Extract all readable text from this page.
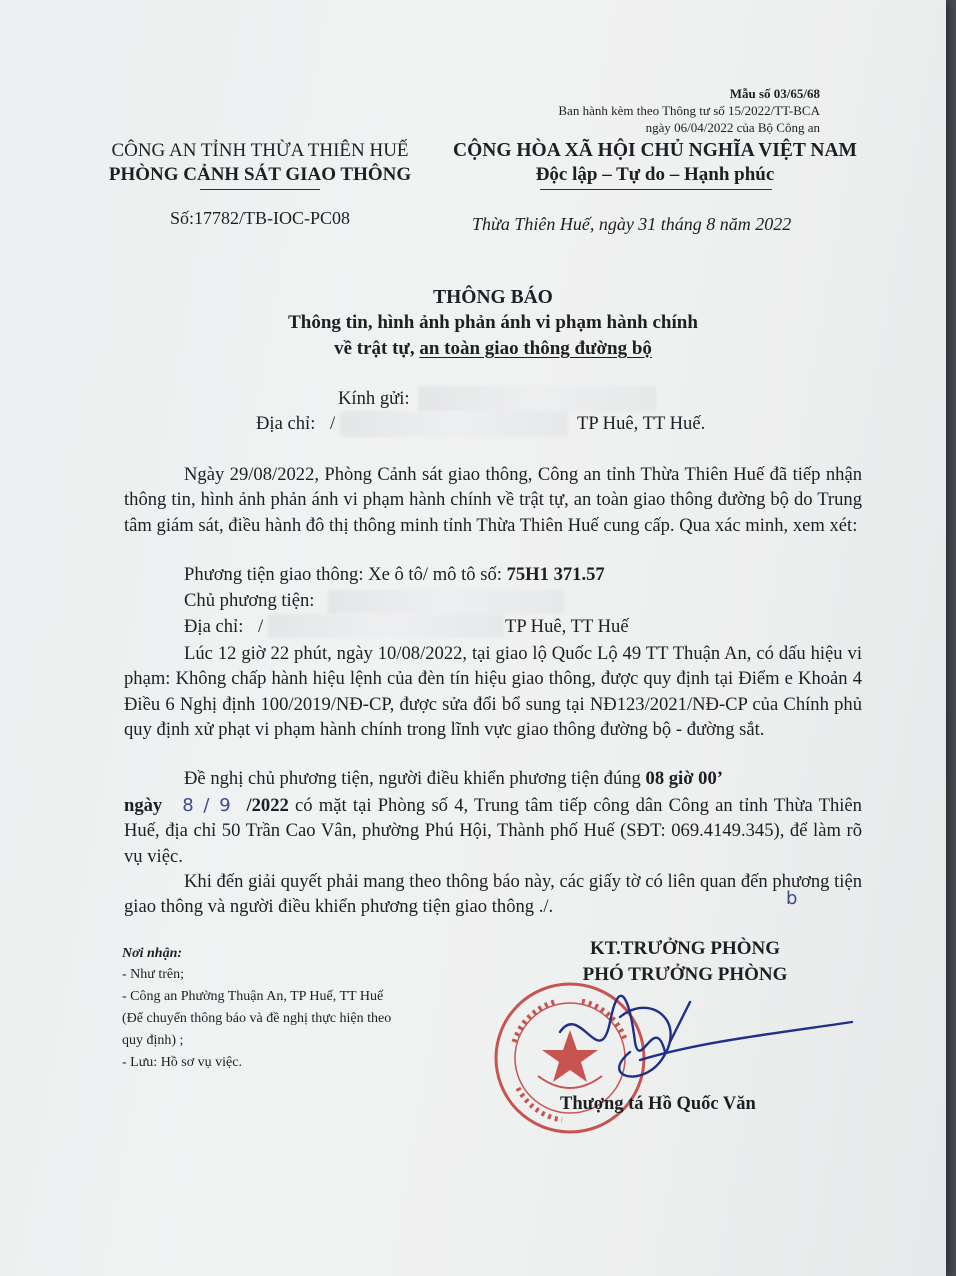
Mẫu số 03/65/68
Ban hành kèm theo Thông tư số 15/2022/TT-BCA
ngày 06/04/2022 của Bộ Công an
CÔNG AN TỈNH THỪA THIÊN HUẾ
PHÒNG CẢNH SÁT GIAO THÔNG
Số:17782/TB-IOC-PC08
CỘNG HÒA XÃ HỘI CHỦ NGHĨA VIỆT NAM
Độc lập – Tự do – Hạnh phúc
Thừa Thiên Huế, ngày 31 tháng 8 năm 2022
THÔNG BÁO
Thông tin, hình ảnh phản ánh vi phạm hành chính
về trật tự, an toàn giao thông đường bộ
Kính gửi:
Địa chỉ: /	TP Huê, TT Huế.
Ngày 29/08/2022, Phòng Cảnh sát giao thông, Công an tỉnh Thừa Thiên Huế đã tiếp nhận thông tin, hình ảnh phản ánh vi phạm hành chính về trật tự, an toàn giao thông đường bộ do Trung tâm giám sát, điều hành đô thị thông minh tỉnh Thừa Thiên Huế cung cấp. Qua xác minh, xem xét:
Phương tiện giao thông: Xe ô tô/ mô tô số: 75H1 371.57
Chủ phương tiện:
Địa chỉ: /	TP Huê, TT Huế
Lúc 12 giờ 22 phút, ngày 10/08/2022, tại giao lộ Quốc Lộ 49 TT Thuận An, có dấu hiệu vi phạm: Không chấp hành hiệu lệnh của đèn tín hiệu giao thông, được quy định tại Điểm e Khoản 4 Điều 6 Nghị định 100/2019/NĐ-CP, được sửa đổi bổ sung tại NĐ123/2021/NĐ-CP của Chính phủ quy định xử phạt vi phạm hành chính trong lĩnh vực giao thông đường bộ - đường sắt.
Đề nghị chủ phương tiện, người điều khiển phương tiện đúng 08 giờ 00’
ngày 8 / 9 /2022 có mặt tại Phòng số 4, Trung tâm tiếp công dân Công an tỉnh Thừa Thiên Huế, địa chỉ 50 Trần Cao Vân, phường Phú Hội, Thành phố Huế (SĐT: 069.4149.345), để làm rõ vụ việc.
Khi đến giải quyết phải mang theo thông báo này, các giấy tờ có liên quan đến phương tiện giao thông và người điều khiển phương tiện giao thông ./.	b
Nơi nhận:
- Như trên;
- Công an Phường Thuận An, TP Huế, TT Huế
(Để chuyển thông báo và đề nghị thực hiện theo
quy định) ;
- Lưu: Hồ sơ vụ việc.
KT.TRƯỞNG PHÒNG
PHÓ TRƯỞNG PHÒNG
Thượng tá Hồ Quốc Văn
